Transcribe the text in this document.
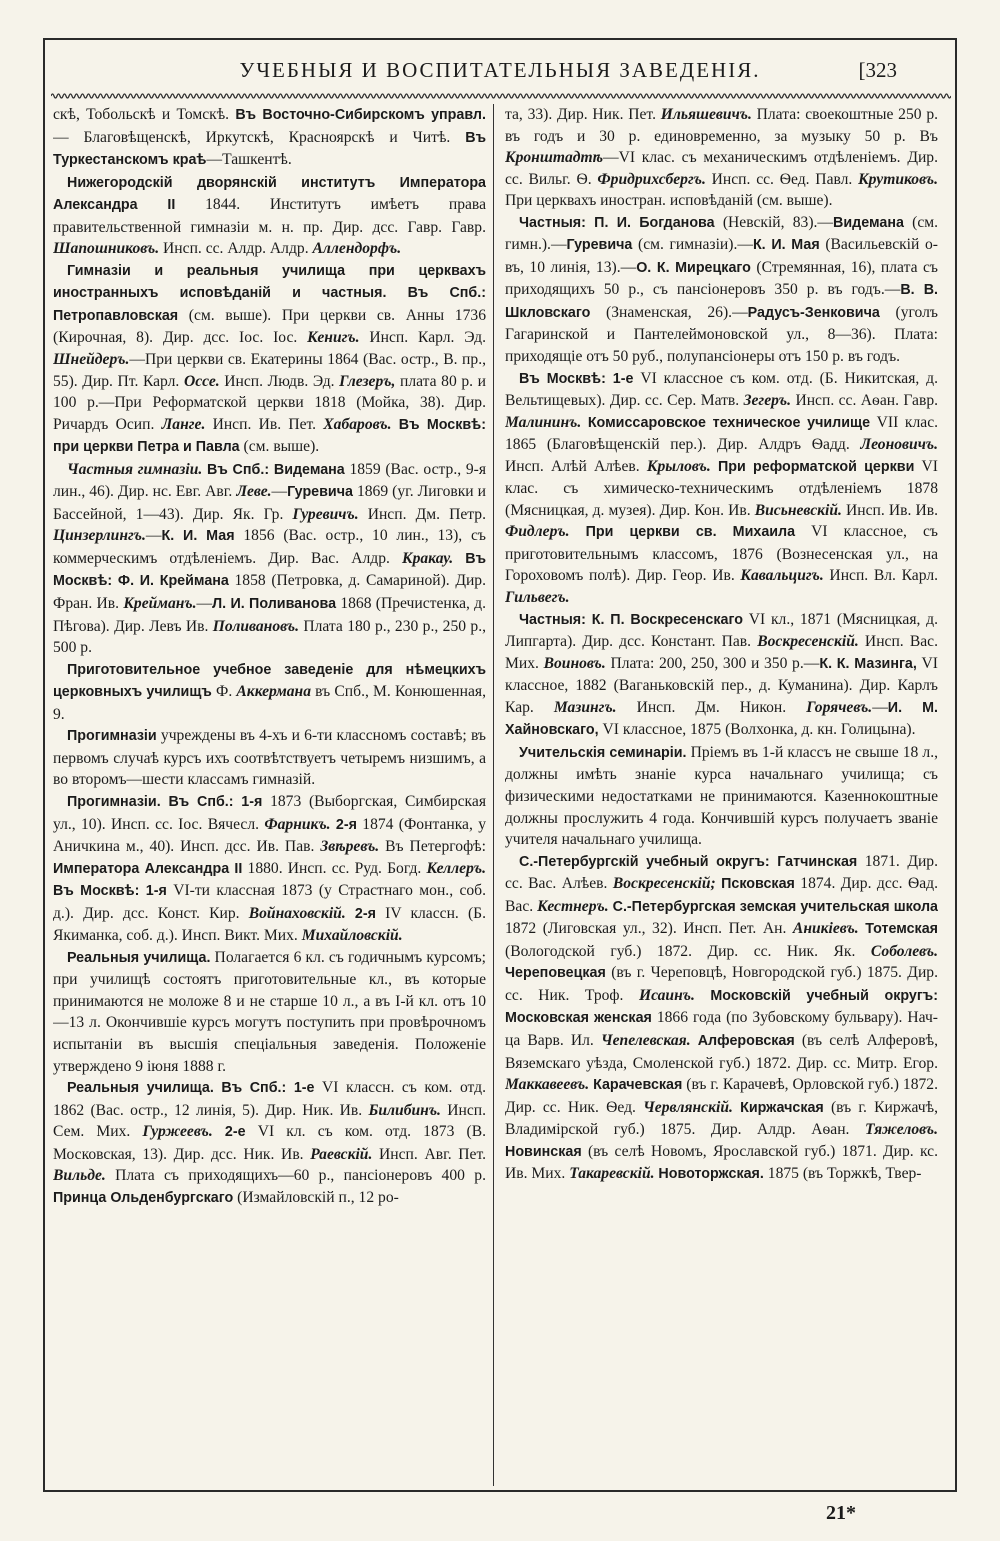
УЧЕБНЫЯ И ВОСПИТАТЕЛЬНЫЯ ЗАВЕДЕНІЯ.	[323

скѣ, Тобольскѣ и Томскѣ. Въ Восточно-Сибирскомъ управл. — Благовѣщенскѣ, Иркутскѣ, Красноярскѣ и Читѣ. Въ Туркестанскомъ краѣ—Ташкентѣ.

Нижегородскій дворянскій институтъ Императора Александра II 1844. Институтъ имѣетъ права правительственной гимназіи м. н. пр. Дир. дсс. Гавр. Гавр. Шапошниковъ. Инсп. сс. Алдр. Алдр. Аллендорфъ.

Гимназіи и реальныя училища при церквахъ иностранныхъ исповѣданій и частныя. Въ Спб.: Петропавловская (см. выше). При церкви св. Анны 1736 (Кирочная, 8). Дир. дсс. Іос. Іос. Кенигъ. Инсп. Карл. Эд. Шнейдеръ.—При церкви св. Екатерины 1864 (Вас. остр., В. пр., 55). Дир. Пт. Карл. Оссе. Инсп. Людв. Эд. Глезеръ, плата 80 р. и 100 р.—При Реформатской церкви 1818 (Мойка, 38). Дир. Ричардъ Осип. Ланге. Инсп. Ив. Пет. Хабаровъ. Въ Москвѣ: при церкви Петра и Павла (см. выше).

Частныя гимназіи. Въ Спб.: Видемана 1859 (Вас. остр., 9-я лин., 46). Дир. нс. Евг. Авг. Леве.—Гуревича 1869 (уг. Лиговки и Бассейной, 1—43). Дир. Як. Гр. Гуревичъ. Инсп. Дм. Петр. Цинзерлингъ.—К. И. Мая 1856 (Вас. остр., 10 лин., 13), съ коммерческимъ отдѣленіемъ. Дир. Вас. Алдр. Кракау. Въ Москвѣ: Ф. И. Креймана 1858 (Петровка, д. Самариной). Дир. Фран. Ив. Крейманъ.—Л. И. Поливанова 1868 (Пречистенка, д. Пѣгова). Дир. Левъ Ив. Поливановъ. Плата 180 р., 230 р., 250 р., 500 р.

Приготовительное учебное заведеніе для нѣмецкихъ церковныхъ училищъ Ф. Аккермана въ Спб., М. Конюшенная, 9.

Прогимназіи учреждены въ 4-хъ и 6-ти классномъ составѣ; въ первомъ случаѣ курсъ ихъ соотвѣтствуетъ четыремъ низшимъ, а во второмъ—шести классамъ гимназій.

Прогимназіи. Въ Спб.: 1-я 1873 (Выборгская, Симбирская ул., 10). Инсп. сс. Іос. Вячесл. Фарникъ. 2-я 1874 (Фонтанка, у Аничкина м., 40). Инсп. дсс. Ив. Пав. Звѣревъ. Въ Петергофѣ: Императора Александра II 1880. Инсп. сс. Руд. Богд. Келлеръ. Въ Москвѣ: 1-я VI-ти классная 1873 (у Страстнаго мон., соб. д.). Дир. дсс. Конст. Кир. Войнаховскій. 2-я IV классн. (Б. Якиманка, соб. д.). Инсп. Викт. Мих. Михайловскій.

Реальныя училища. Полагается 6 кл. съ годичнымъ курсомъ; при училищѣ состоятъ приготовительные кл., въ которые принимаются не моложе 8 и не старше 10 л., а въ І-й кл. отъ 10—13 л. Окончившіе курсъ могутъ поступить при провѣрочномъ испытаніи въ высшія спеціальныя заведенія. Положеніе утверждено 9 іюня 1888 г.

Реальныя училища. Въ Спб.: 1-е VI классн. съ ком. отд. 1862 (Вас. остр., 12 линія, 5). Дир. Ник. Ив. Билибинъ. Инсп. Сем. Мих. Гуржеевъ. 2-е VI кл. съ ком. отд. 1873 (В. Московская, 13). Дир. дсс. Ник. Ив. Раевскій. Инсп. Авг. Пет. Вильде. Плата съ приходящихъ—60 р., пансіонеровъ 400 р. Принца Ольденбургскаго (Измайловскій п., 12 ро-

та, 33). Дир. Ник. Пет. Ильяшевичъ. Плата: своекоштные 250 р. въ годъ и 30 р. единовременно, за музыку 50 р. Въ Кронштадтѣ—VI клас. съ механическимъ отдѣленіемъ. Дир. сс. Вильг. Ѳ. Фридрихсбергъ. Инсп. сс. Ѳед. Павл. Крутиковъ. При церквахъ иностран. исповѣданій (см. выше).

Частныя: П. И. Богданова (Невскій, 83).—Видемана (см. гимн.).—Гуревича (см. гимназіи).—К. И. Мая (Васильевскій о-въ, 10 линія, 13).—О. К. Мирецкаго (Стремянная, 16), плата съ приходящихъ 50 р., съ пансіонеровъ 350 р. въ годъ.—В. В. Шкловскаго (Знаменская, 26).—Радусъ-Зенковича (уголъ Гагаринской и Пантелеймоновской ул., 8—36). Плата: приходящіе отъ 50 руб., полупансіонеры отъ 150 р. въ годъ.

Въ Москвѣ: 1-е VI классное съ ком. отд. (Б. Никитская, д. Вельтищевых). Дир. сс. Сер. Матв. Зегеръ. Инсп. сс. Аѳан. Гавр. Малининъ. Комиссаровское техническое училище VII клас. 1865 (Благовѣщенскій пер.). Дир. Алдръ Ѳадд. Леоновичъ. Инсп. Алѣй Алѣев. Крыловъ. При реформатской церкви VI клас. съ химическо-техническимъ отдѣленіемъ 1878 (Мясницкая, д. музея). Дир. Кон. Ив. Висьневскій. Инсп. Ив. Ив. Фидлеръ. При церкви св. Михаила VI классное, съ приготовительнымъ классомъ, 1876 (Вознесенская ул., на Гороховомъ полѣ). Дир. Геор. Ив. Кавальцигъ. Инсп. Вл. Карл. Гильвегъ.

Частныя: К. П. Воскресенскаго VI кл., 1871 (Мясницкая, д. Липгарта). Дир. дсс. Констант. Пав. Воскресенскій. Инсп. Вас. Мих. Воиновъ. Плата: 200, 250, 300 и 350 р.—К. К. Мазинга, VI классное, 1882 (Ваганьковскій пер., д. Куманина). Дир. Карлъ Кар. Мазингъ. Инсп. Дм. Никон. Горячевъ.—И. М. Хайновскаго, VI классное, 1875 (Волхонка, д. кн. Голицына).

Учительскія семинаріи. Пріемъ въ 1-й классъ не свыше 18 л., должны имѣть знаніе курса начальнаго училища; съ физическими недостатками не принимаются. Казеннокоштные должны прослужить 4 года. Кончившій курсъ получаетъ званіе учителя начальнаго училища.

С.-Петербургскій учебный округъ: Гатчинская 1871. Дир. сс. Вас. Алѣев. Воскресенскій; Псковская 1874. Дир. дсс. Ѳад. Вас. Кестнеръ. С.-Петербургская земская учительская школа 1872 (Лиговская ул., 32). Инсп. Пет. Ан. Аникіевъ. Тотемская (Вологодской губ.) 1872. Дир. сс. Ник. Як. Соболевъ. Череповецкая (въ г. Череповцѣ, Новгородской губ.) 1875. Дир. сс. Ник. Троф. Исаинъ. Московскій учебный округъ: Московская женская 1866 года (по Зубовскому бульвару). Нач-ца Варв. Ил. Чепелевская. Алферовская (въ селѣ Алферовѣ, Вяземскаго уѣзда, Смоленской губ.) 1872. Дир. сс. Митр. Егор. Маккавеевъ. Карачевская (въ г. Карачевѣ, Орловской губ.) 1872. Дир. сс. Ник. Ѳед. Червлянскій. Киржачская (въ г. Киржачѣ, Владимірской губ.) 1875. Дир. Алдр. Аѳан. Тяжеловъ. Новинская (въ селѣ Новомъ, Ярославской губ.) 1871. Дир. кс. Ив. Мих. Такаревскій. Новоторжская. 1875 (въ Торжкѣ, Твер-

21*
